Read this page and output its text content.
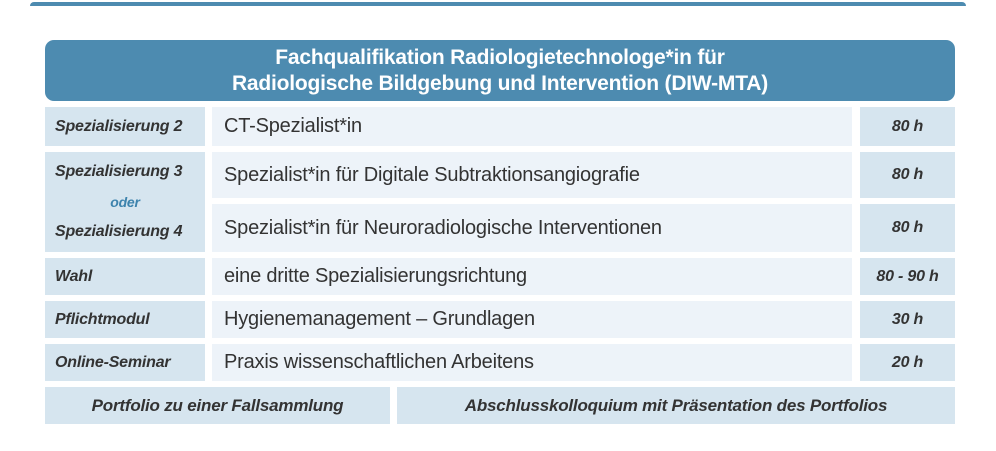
Fachqualifikation Radiologietechnologe*in für
Radiologische Bildgebung und Intervention (DIW-MTA)
Spezialisierung 2	CT-Spezialist*in	80 h
Spezialisierung 3
oder
Spezialisierung 4
Spezialist*in für Digitale Subtraktionsangiografie	80 h
Spezialist*in für Neuroradiologische Interventionen	80 h
Wahl	eine dritte Spezialisierungsrichtung	80 - 90 h
Pflichtmodul	Hygienemanagement – Grundlagen	30 h
Online-Seminar	Praxis wissenschaftlichen Arbeitens	20 h
Portfolio zu einer Fallsammlung	Abschlusskolloquium mit Präsentation des Portfolios
